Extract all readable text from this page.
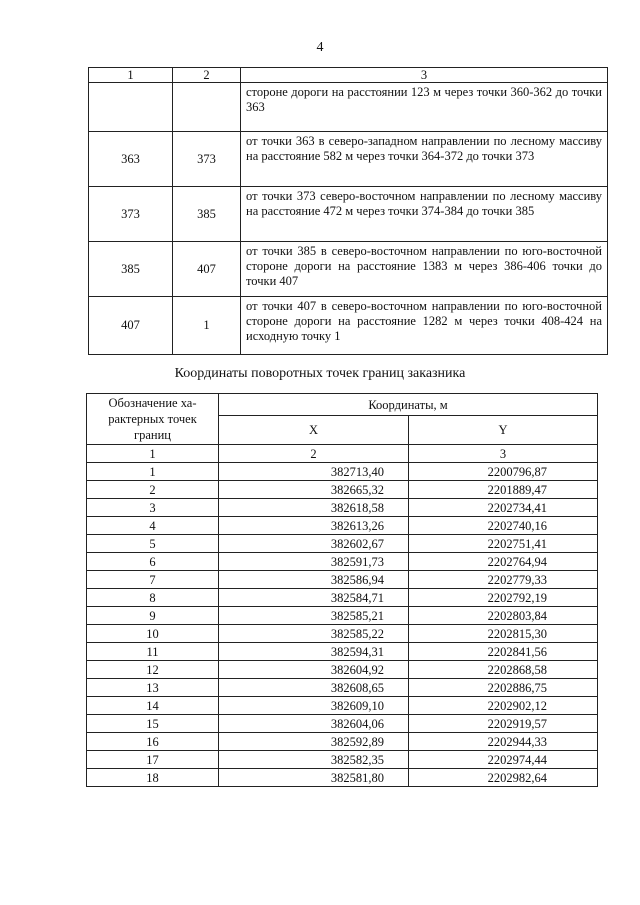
4
1	2	3
		стороне дороги на расстоянии 123 м через точки 360-362 до точки 363
363	373	от точки 363 в северо-западном направлении по лесному массиву на расстояние 582 м через точки 364-372 до точки 373
373	385	от точки 373 северо-восточном направлении по лесному массиву на расстояние 472 м через точки 374-384 до точки 385
385	407	от точки 385 в северо-восточном направлении по юго-восточной стороне дороги на расстояние 1383 м через 386-406 точки до точки 407
407	1	от точки 407 в северо-восточном направлении по юго-восточной стороне дороги на расстояние 1282 м через точки 408-424 на исходную точку 1
Координаты поворотных точек границ заказника
Обозначение ха-рактерных точек границ	Координаты, м	
	X	Y
1	2	3
1	382713,40	2200796,87
2	382665,32	2201889,47
3	382618,58	2202734,41
4	382613,26	2202740,16
5	382602,67	2202751,41
6	382591,73	2202764,94
7	382586,94	2202779,33
8	382584,71	2202792,19
9	382585,21	2202803,84
10	382585,22	2202815,30
11	382594,31	2202841,56
12	382604,92	2202868,58
13	382608,65	2202886,75
14	382609,10	2202902,12
15	382604,06	2202919,57
16	382592,89	2202944,33
17	382582,35	2202974,44
18	382581,80	2202982,64
